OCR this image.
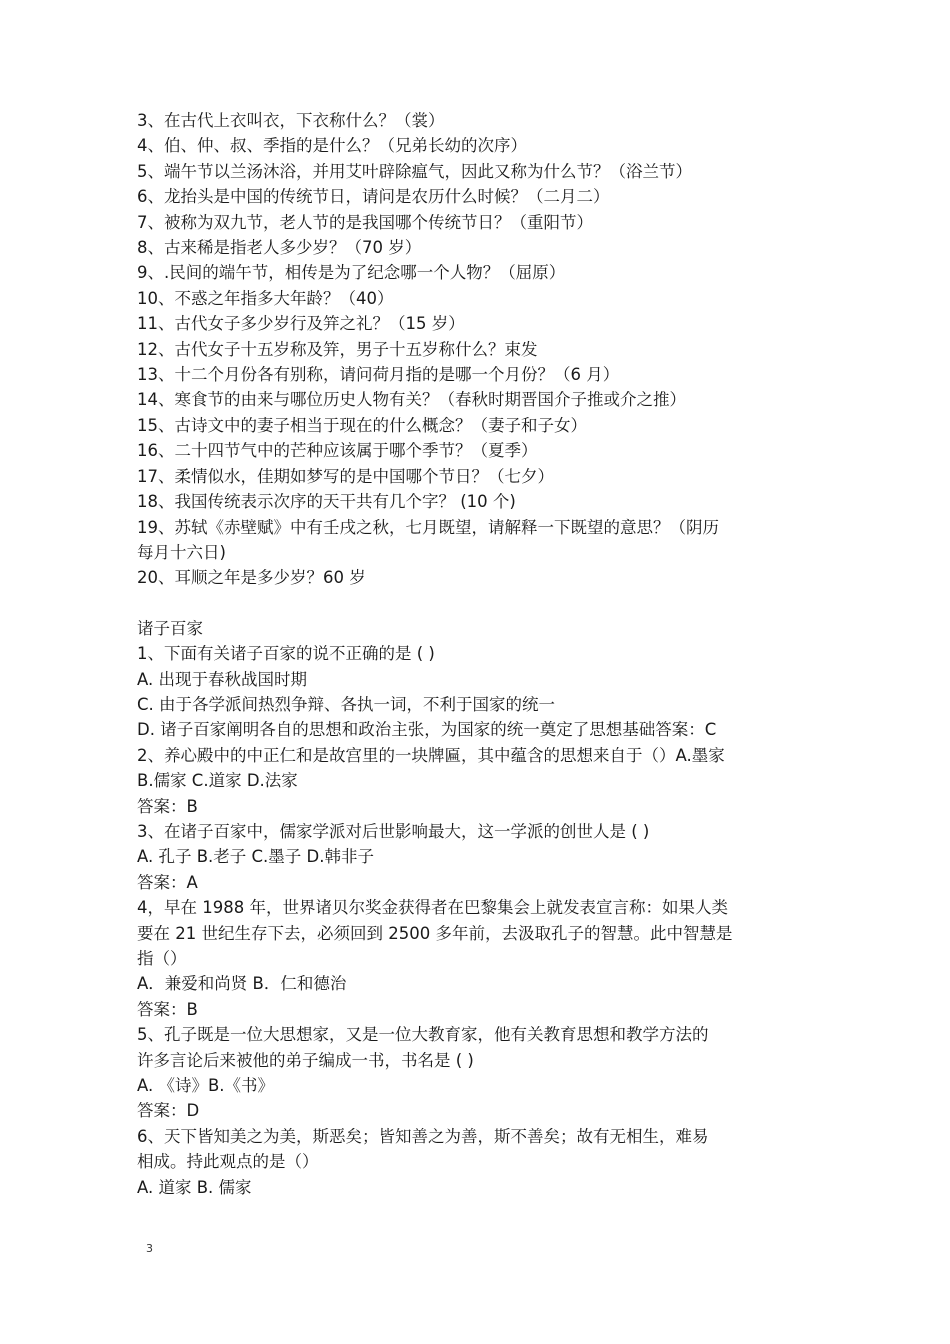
3、在古代上衣叫衣，下衣称什么？（裳）
4、伯、仲、叔、季指的是什么？（兄弟长幼的次序）
5、端午节以兰汤沐浴，并用艾叶辟除瘟气，因此又称为什么节？（浴兰节）
6、龙抬头是中国的传统节日，请问是农历什么时候？（二月二）
7、被称为双九节，老人节的是我国哪个传统节日？（重阳节）
8、古来稀是指老人多少岁？（70 岁）
9、.民间的端午节，相传是为了纪念哪一个人物？（屈原）
10、不惑之年指多大年龄？（40）
11、古代女子多少岁行及笄之礼？（15 岁）
12、古代女子十五岁称及笄，男子十五岁称什么？束发
13、十二个月份各有别称，请问荷月指的是哪一个月份？（6 月）
14、寒食节的由来与哪位历史人物有关？（春秋时期晋国介子推或介之推）
15、古诗文中的妻子相当于现在的什么概念？（妻子和子女）
16、二十四节气中的芒种应该属于哪个季节？（夏季）
17、柔情似水，佳期如梦写的是中国哪个节日？（七夕）
18、我国传统表示次序的天干共有几个字？ (10 个)
19、苏轼《赤壁赋》中有壬戌之秋，七月既望，请解释一下既望的意思？（阴历
每月十六日)
20、耳顺之年是多少岁？60 岁
诸子百家
1、下面有关诸子百家的说不正确的是 ( )
A. 出现于春秋战国时期
C. 由于各学派间热烈争辩、各执一词，不利于国家的统一
D. 诸子百家阐明各自的思想和政治主张，为国家的统一奠定了思想基础答案：C
2、养心殿中的中正仁和是故宫里的一块牌匾，其中蕴含的思想来自于（）A.墨家
B.儒家 C.道家 D.法家
答案：B
3、在诸子百家中，儒家学派对后世影响最大，这一学派的创世人是 ( )
A. 孔子 B.老子 C.墨子 D.韩非子
答案：A
4，早在 1988 年，世界诸贝尔奖金获得者在巴黎集会上就发表宣言称：如果人类
要在 21 世纪生存下去，必须回到 2500 多年前，去汲取孔子的智慧。此中智慧是
指（）
A．兼爱和尚贤 B．仁和德治
答案：B
5、孔子既是一位大思想家，又是一位大教育家，他有关教育思想和教学方法的
许多言论后来被他的弟子编成一书，书名是 ( )
A. 《诗》B.《书》
答案：D
6、天下皆知美之为美，斯恶矣；皆知善之为善，斯不善矣；故有无相生，难易
相成。持此观点的是（）
A. 道家 B. 儒家
3
